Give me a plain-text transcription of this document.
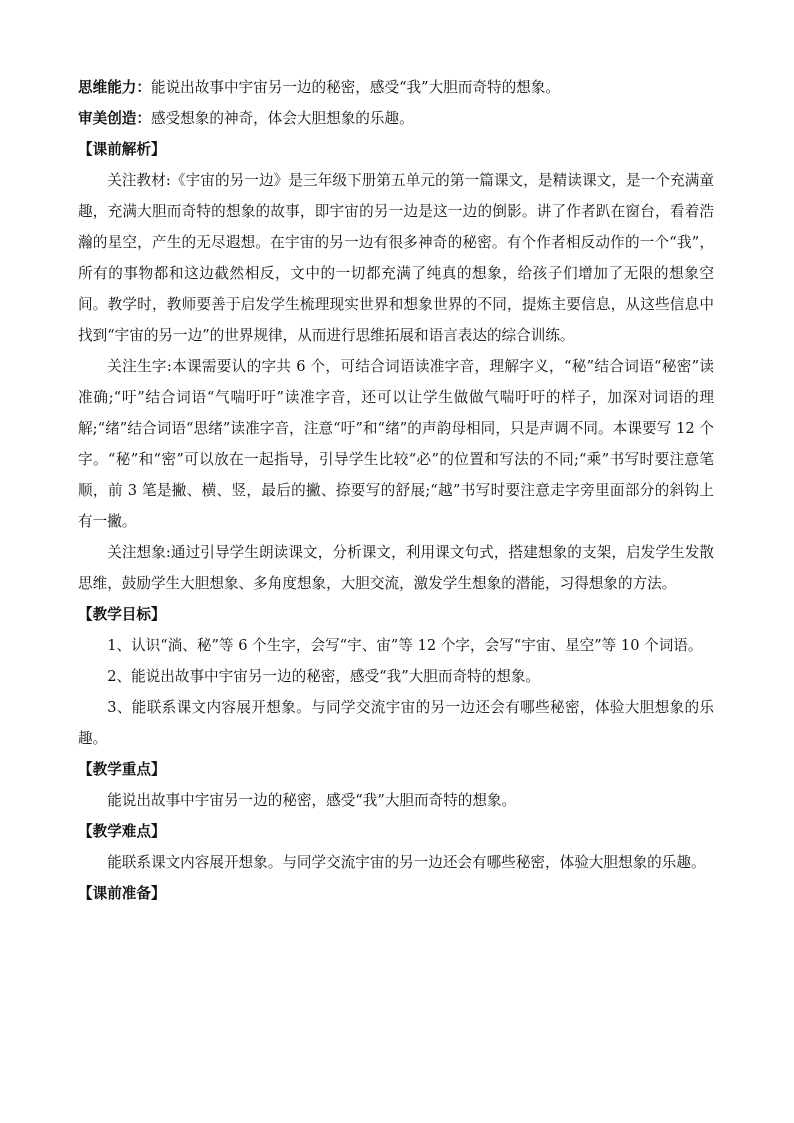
思维能力：能说出故事中宇宙另一边的秘密，感受“我”大胆而奇特的想象。

审美创造：感受想象的神奇，体会大胆想象的乐趣。

【课前解析】

关注教材:《宇宙的另一边》是三年级下册第五单元的第一篇课文，是精读课文，是一个充满童趣，充满大胆而奇特的想象的故事，即宇宙的另一边是这一边的倒影。讲了作者趴在窗台，看着浩瀚的星空，产生的无尽遐想。在宇宙的另一边有很多神奇的秘密。有个作者相反动作的一个“我”，所有的事物都和这边截然相反，文中的一切都充满了纯真的想象，给孩子们增加了无限的想象空间。教学时，教师要善于启发学生梳理现实世界和想象世界的不同，提炼主要信息，从这些信息中找到“宇宙的另一边”的世界规律，从而进行思维拓展和语言表达的综合训练。

关注生字:本课需要认的字共 6 个，可结合词语读准字音，理解字义，“秘”结合词语“秘密”读准确;“吁”结合词语“气喘吁吁”读准字音，还可以让学生做做气喘吁吁的样子，加深对词语的理解;“绪”结合词语“思绪”读准字音，注意“吁”和“绪”的声韵母相同，只是声调不同。本课要写 12 个字。“秘”和“密”可以放在一起指导，引导学生比较“必”的位置和写法的不同;“乘”书写时要注意笔顺，前 3 笔是撇、横、竖，最后的撇、捺要写的舒展;“越”书写时要注意走字旁里面部分的斜钩上有一撇。

关注想象:通过引导学生朗读课文，分析课文，利用课文句式，搭建想象的支架，启发学生发散思维，鼓励学生大胆想象、多角度想象，大胆交流，激发学生想象的潜能，习得想象的方法。

【教学目标】

1、认识“淌、秘”等 6 个生字，会写“宇、宙”等 12 个字，会写“宇宙、星空”等 10 个词语。

2、能说出故事中宇宙另一边的秘密，感受“我”大胆而奇特的想象。

3、能联系课文内容展开想象。与同学交流宇宙的另一边还会有哪些秘密，体验大胆想象的乐趣。

【教学重点】

能说出故事中宇宙另一边的秘密，感受“我”大胆而奇特的想象。

【教学难点】

能联系课文内容展开想象。与同学交流宇宙的另一边还会有哪些秘密，体验大胆想象的乐趣。

【课前准备】
